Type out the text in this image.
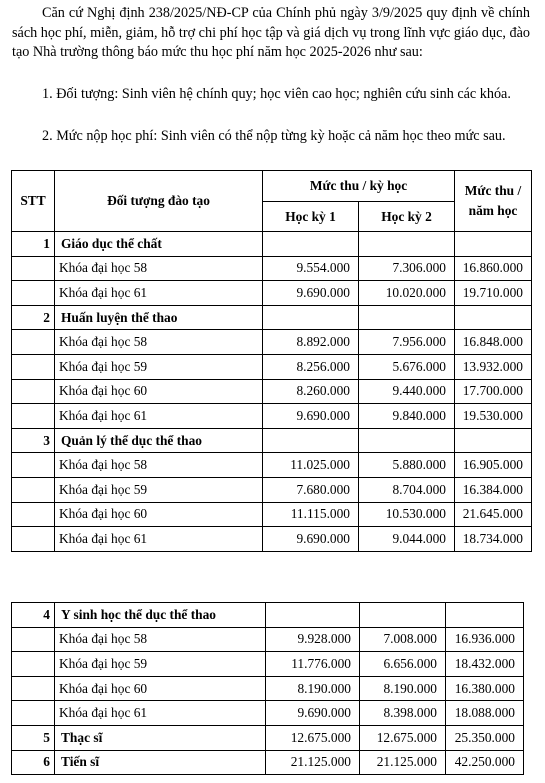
Căn cứ Nghị định 238/2025/NĐ-CP của Chính phủ ngày 3/9/2025 quy định về chính sách học phí, miễn, giảm, hỗ trợ chi phí học tập và giá dịch vụ trong lĩnh vực giáo dục, đào tạo Nhà trường thông báo mức thu học phí năm học 2025-2026 như sau:
1. Đối tượng: Sinh viên hệ chính quy; học viên cao học; nghiên cứu sinh các khóa.
2. Mức nộp học phí: Sinh viên có thể nộp từng kỳ hoặc cả năm học theo mức sau.
STT	Đối tượng đào tạo	Mức thu / kỳ học		Mức thu /
năm học
		Học kỳ 1	Học kỳ 2	
1	Giáo dục thể chất			
	Khóa đại học 58	9.554.000	7.306.000	16.860.000
	Khóa đại học 61	9.690.000	10.020.000	19.710.000
2	Huấn luyện thể thao			
	Khóa đại học 58	8.892.000	7.956.000	16.848.000
	Khóa đại học 59	8.256.000	5.676.000	13.932.000
	Khóa đại học 60	8.260.000	9.440.000	17.700.000
	Khóa đại học 61	9.690.000	9.840.000	19.530.000
3	Quản lý thể dục thể thao			
	Khóa đại học 58	11.025.000	5.880.000	16.905.000
	Khóa đại học 59	7.680.000	8.704.000	16.384.000
	Khóa đại học 60	11.115.000	10.530.000	21.645.000
	Khóa đại học 61	9.690.000	9.044.000	18.734.000
4	Y sinh học thể dục thể thao			
	Khóa đại học 58	9.928.000	7.008.000	16.936.000
	Khóa đại học 59	11.776.000	6.656.000	18.432.000
	Khóa đại học 60	8.190.000	8.190.000	16.380.000
	Khóa đại học 61	9.690.000	8.398.000	18.088.000
5	Thạc sĩ	12.675.000	12.675.000	25.350.000
6	Tiến sĩ	21.125.000	21.125.000	42.250.000
